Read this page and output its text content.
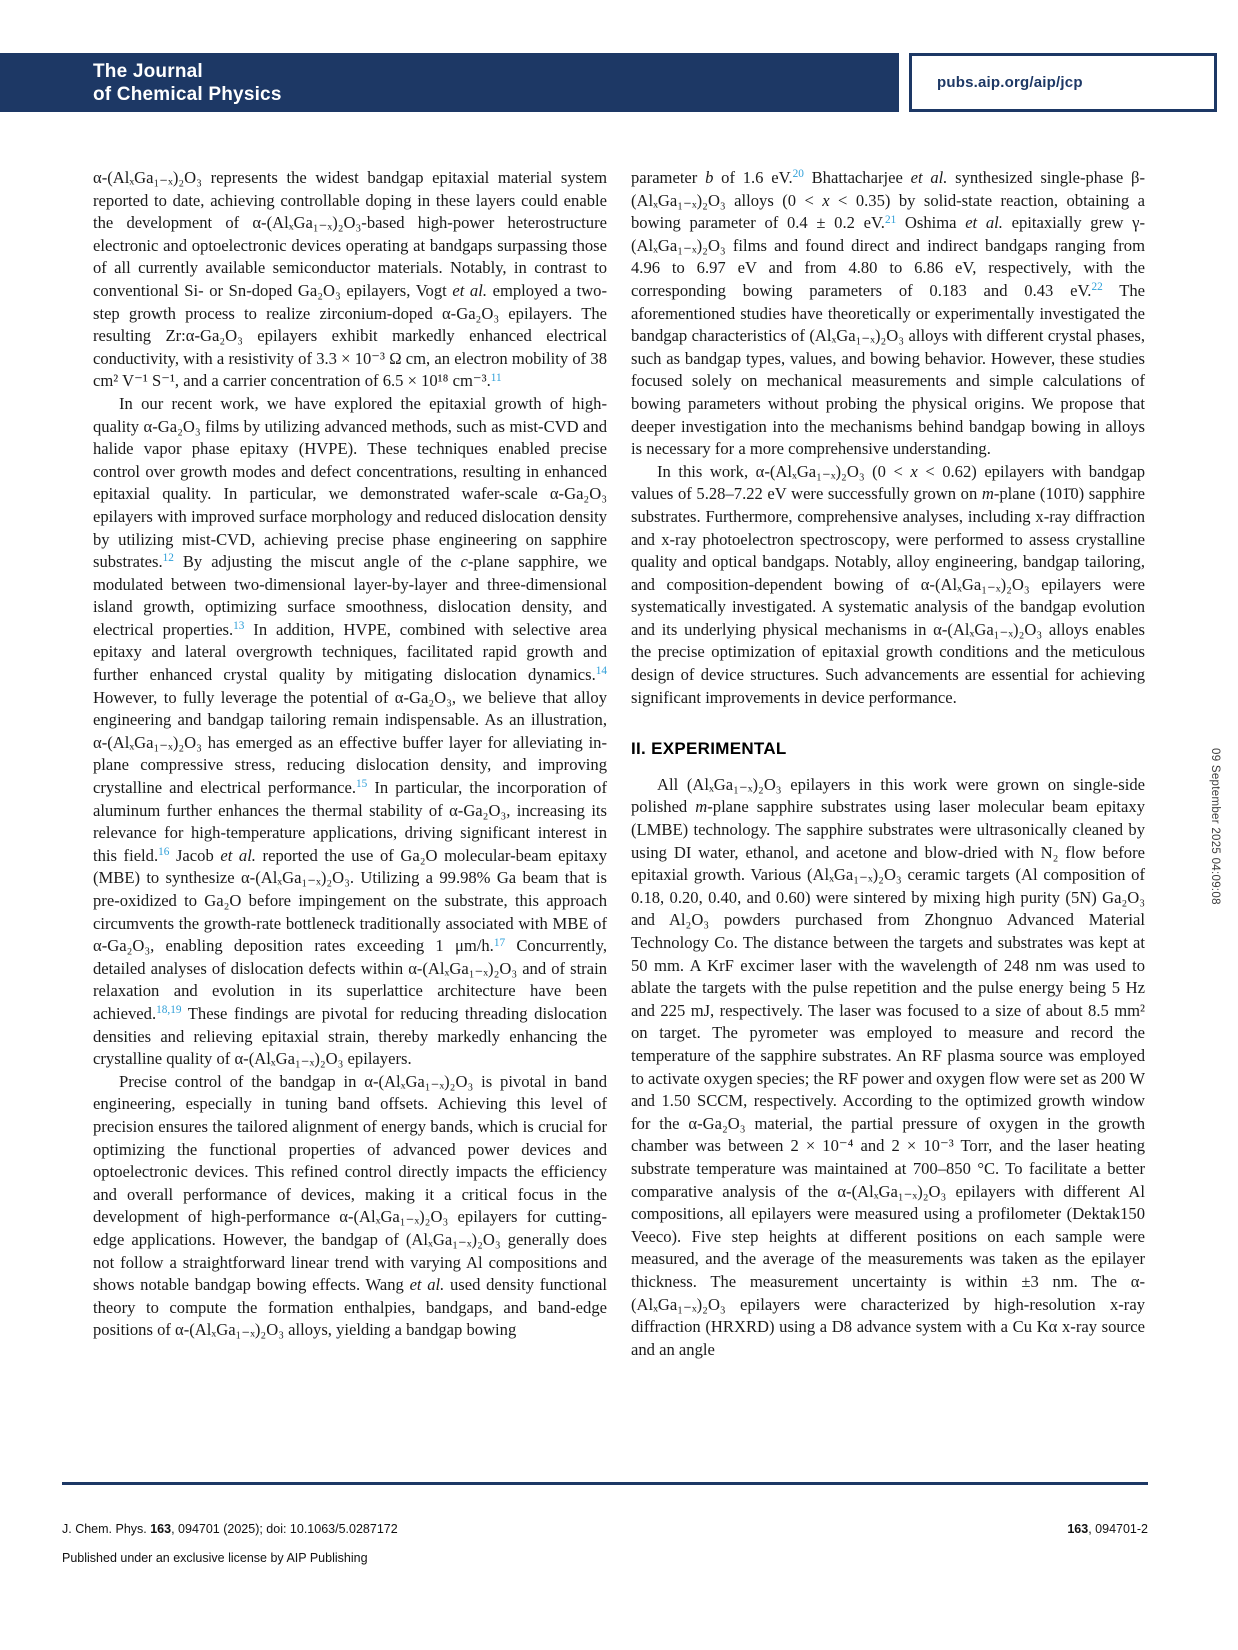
The Journal
of Chemical Physics
pubs.aip.org/aip/jcp

α-(AlₓGa₁₋ₓ)₂O₃ represents the widest bandgap epitaxial material system reported to date, achieving controllable doping in these layers could enable the development of α-(AlₓGa₁₋ₓ)₂O₃-based high-power heterostructure electronic and optoelectronic devices operating at bandgaps surpassing those of all currently available semiconductor materials. Notably, in contrast to conventional Si- or Sn-doped Ga₂O₃ epilayers, Vogt et al. employed a two-step growth process to realize zirconium-doped α-Ga₂O₃ epilayers. The resulting Zr:α-Ga₂O₃ epilayers exhibit markedly enhanced electrical conductivity, with a resistivity of 3.3 × 10⁻³ Ω cm, an electron mobility of 38 cm² V⁻¹ S⁻¹, and a carrier concentration of 6.5 × 10¹⁸ cm⁻³.$^{11}$

In our recent work, we have explored the epitaxial growth of high-quality α-Ga₂O₃ films by utilizing advanced methods, such as mist-CVD and halide vapor phase epitaxy (HVPE). These techniques enabled precise control over growth modes and defect concentrations, resulting in enhanced epitaxial quality. In particular, we demonstrated wafer-scale α-Ga₂O₃ epilayers with improved surface morphology and reduced dislocation density by utilizing mist-CVD, achieving precise phase engineering on sapphire substrates.$^{12}$ By adjusting the miscut angle of the c-plane sapphire, we modulated between two-dimensional layer-by-layer and three-dimensional island growth, optimizing surface smoothness, dislocation density, and electrical properties.$^{13}$ In addition, HVPE, combined with selective area epitaxy and lateral overgrowth techniques, facilitated rapid growth and further enhanced crystal quality by mitigating dislocation dynamics.$^{14}$ However, to fully leverage the potential of α-Ga₂O₃, we believe that alloy engineering and bandgap tailoring remain indispensable. As an illustration, α-(AlₓGa₁₋ₓ)₂O₃ has emerged as an effective buffer layer for alleviating in-plane compressive stress, reducing dislocation density, and improving crystalline and electrical performance.$^{15}$ In particular, the incorporation of aluminum further enhances the thermal stability of α-Ga₂O₃, increasing its relevance for high-temperature applications, driving significant interest in this field.$^{16}$ Jacob et al. reported the use of Ga₂O molecular-beam epitaxy (MBE) to synthesize α-(AlₓGa₁₋ₓ)₂O₃. Utilizing a 99.98% Ga beam that is pre-oxidized to Ga₂O before impingement on the substrate, this approach circumvents the growth-rate bottleneck traditionally associated with MBE of α-Ga₂O₃, enabling deposition rates exceeding 1 μm/h.$^{17}$ Concurrently, detailed analyses of dislocation defects within α-(AlₓGa₁₋ₓ)₂O₃ and of strain relaxation and evolution in its superlattice architecture have been achieved.$^{18,19}$ These findings are pivotal for reducing threading dislocation densities and relieving epitaxial strain, thereby markedly enhancing the crystalline quality of α-(AlₓGa₁₋ₓ)₂O₃ epilayers.

Precise control of the bandgap in α-(AlₓGa₁₋ₓ)₂O₃ is pivotal in band engineering, especially in tuning band offsets. Achieving this level of precision ensures the tailored alignment of energy bands, which is crucial for optimizing the functional properties of advanced power devices and optoelectronic devices. This refined control directly impacts the efficiency and overall performance of devices, making it a critical focus in the development of high-performance α-(AlₓGa₁₋ₓ)₂O₃ epilayers for cutting-edge applications. However, the bandgap of (AlₓGa₁₋ₓ)₂O₃ generally does not follow a straightforward linear trend with varying Al compositions and shows notable bandgap bowing effects. Wang et al. used density functional theory to compute the formation enthalpies, bandgaps, and band-edge positions of α-(AlₓGa₁₋ₓ)₂O₃ alloys, yielding a bandgap bowing

parameter b of 1.6 eV.$^{20}$ Bhattacharjee et al. synthesized single-phase β-(AlₓGa₁₋ₓ)₂O₃ alloys (0 < x < 0.35) by solid-state reaction, obtaining a bowing parameter of 0.4 ± 0.2 eV.$^{21}$ Oshima et al. epitaxially grew γ-(AlₓGa₁₋ₓ)₂O₃ films and found direct and indirect bandgaps ranging from 4.96 to 6.97 eV and from 4.80 to 6.86 eV, respectively, with the corresponding bowing parameters of 0.183 and 0.43 eV.$^{22}$ The aforementioned studies have theoretically or experimentally investigated the bandgap characteristics of (AlₓGa₁₋ₓ)₂O₃ alloys with different crystal phases, such as bandgap types, values, and bowing behavior. However, these studies focused solely on mechanical measurements and simple calculations of bowing parameters without probing the physical origins. We propose that deeper investigation into the mechanisms behind bandgap bowing in alloys is necessary for a more comprehensive understanding.

In this work, α-(AlₓGa₁₋ₓ)₂O₃ (0 < x < 0.62) epilayers with bandgap values of 5.28–7.22 eV were successfully grown on m-plane (101̄0) sapphire substrates. Furthermore, comprehensive analyses, including x-ray diffraction and x-ray photoelectron spectroscopy, were performed to assess crystalline quality and optical bandgaps. Notably, alloy engineering, bandgap tailoring, and composition-dependent bowing of α-(AlₓGa₁₋ₓ)₂O₃ epilayers were systematically investigated. A systematic analysis of the bandgap evolution and its underlying physical mechanisms in α-(AlₓGa₁₋ₓ)₂O₃ alloys enables the precise optimization of epitaxial growth conditions and the meticulous design of device structures. Such advancements are essential for achieving significant improvements in device performance.

II. EXPERIMENTAL

All (AlₓGa₁₋ₓ)₂O₃ epilayers in this work were grown on single-side polished m-plane sapphire substrates using laser molecular beam epitaxy (LMBE) technology. The sapphire substrates were ultrasonically cleaned by using DI water, ethanol, and acetone and blow-dried with N₂ flow before epitaxial growth. Various (AlₓGa₁₋ₓ)₂O₃ ceramic targets (Al composition of 0.18, 0.20, 0.40, and 0.60) were sintered by mixing high purity (5N) Ga₂O₃ and Al₂O₃ powders purchased from Zhongnuo Advanced Material Technology Co. The distance between the targets and substrates was kept at 50 mm. A KrF excimer laser with the wavelength of 248 nm was used to ablate the targets with the pulse repetition and the pulse energy being 5 Hz and 225 mJ, respectively. The laser was focused to a size of about 8.5 mm² on target. The pyrometer was employed to measure and record the temperature of the sapphire substrates. An RF plasma source was employed to activate oxygen species; the RF power and oxygen flow were set as 200 W and 1.50 SCCM, respectively. According to the optimized growth window for the α-Ga₂O₃ material, the partial pressure of oxygen in the growth chamber was between 2 × 10⁻⁴ and 2 × 10⁻³ Torr, and the laser heating substrate temperature was maintained at 700–850 °C. To facilitate a better comparative analysis of the α-(AlₓGa₁₋ₓ)₂O₃ epilayers with different Al compositions, all epilayers were measured using a profilometer (Dektak150 Veeco). Five step heights at different positions on each sample were measured, and the average of the measurements was taken as the epilayer thickness. The measurement uncertainty is within ±3 nm. The α-(AlₓGa₁₋ₓ)₂O₃ epilayers were characterized by high-resolution x-ray diffraction (HRXRD) using a D8 advance system with a Cu Kα x-ray source and an angle

09 September 2025 04:09:08
J. Chem. Phys. 163, 094701 (2025); doi: 10.1063/5.0287172	163, 094701-2
Published under an exclusive license by AIP Publishing
